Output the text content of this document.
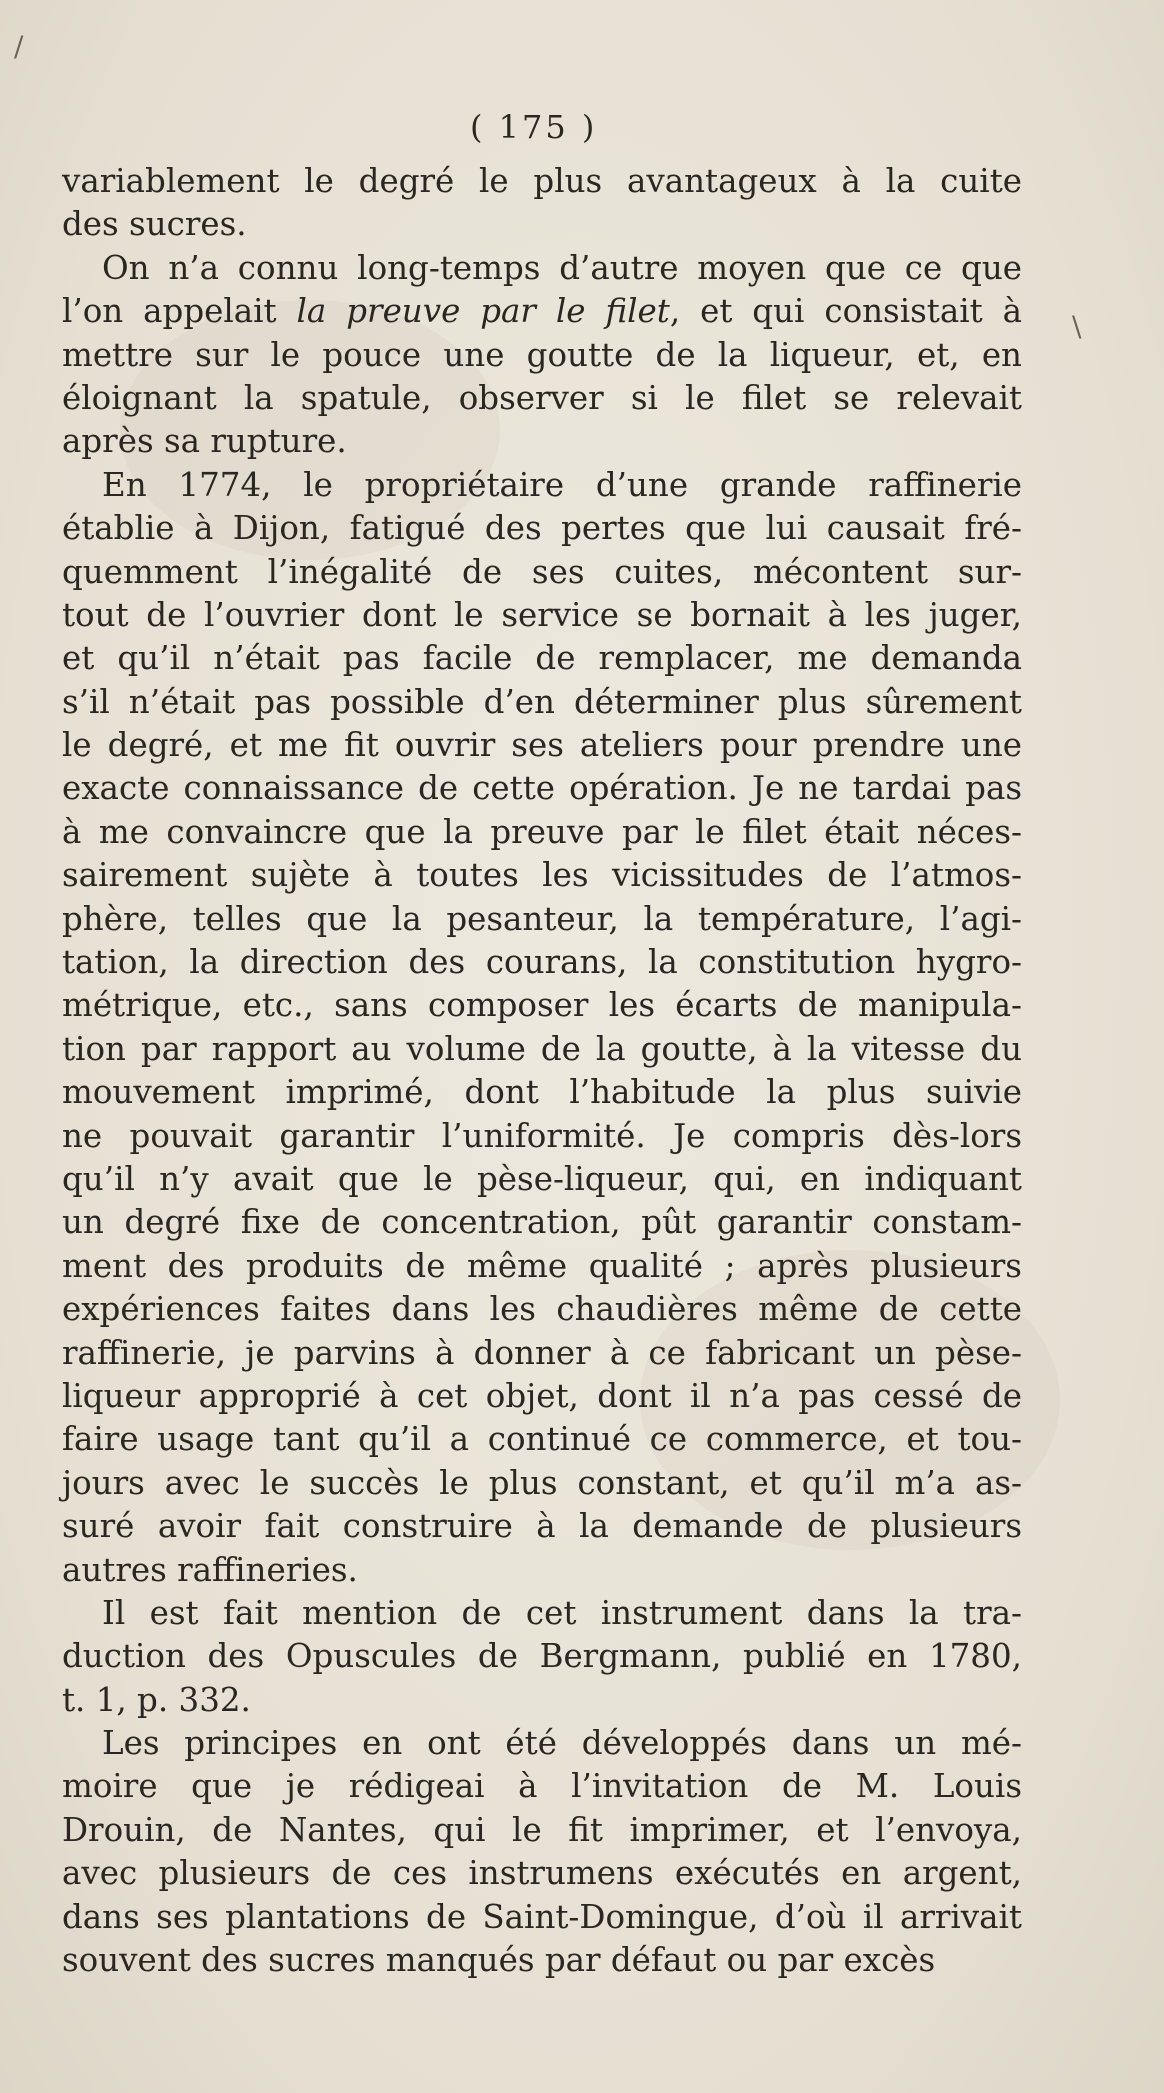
/
\
( 175 )
variablement le degré le plus avantageux à la cuite
des sucres.
On n’a connu long-temps d’autre moyen que ce que
l’on appelait la preuve par le filet, et qui consistait à
mettre sur le pouce une goutte de la liqueur, et, en
éloignant la spatule, observer si le filet se relevait
après sa rupture.
En 1774, le propriétaire d’une grande raffinerie
établie à Dijon, fatigué des pertes que lui causait fré-
quemment l’inégalité de ses cuites, mécontent sur-
tout de l’ouvrier dont le service se bornait à les juger,
et qu’il n’était pas facile de remplacer, me demanda
s’il n’était pas possible d’en déterminer plus sûrement
le degré, et me fit ouvrir ses ateliers pour prendre une
exacte connaissance de cette opération. Je ne tardai pas
à me convaincre que la preuve par le filet était néces-
sairement sujète à toutes les vicissitudes de l’atmos-
phère, telles que la pesanteur, la température, l’agi-
tation, la direction des courans, la constitution hygro-
métrique, etc., sans composer les écarts de manipula-
tion par rapport au volume de la goutte, à la vitesse du
mouvement imprimé, dont l’habitude la plus suivie
ne pouvait garantir l’uniformité. Je compris dès-lors
qu’il n’y avait que le pèse-liqueur, qui, en indiquant
un degré fixe de concentration, pût garantir constam-
ment des produits de même qualité ; après plusieurs
expériences faites dans les chaudières même de cette
raffinerie, je parvins à donner à ce fabricant un pèse-
liqueur approprié à cet objet, dont il n’a pas cessé de
faire usage tant qu’il a continué ce commerce, et tou-
jours avec le succès le plus constant, et qu’il m’a as-
suré avoir fait construire à la demande de plusieurs
autres raffineries.
Il est fait mention de cet instrument dans la tra-
duction des Opuscules de Bergmann, publié en 1780,
t. 1, p. 332.
Les principes en ont été développés dans un mé-
moire que je rédigeai à l’invitation de M. Louis
Drouin, de Nantes, qui le fit imprimer, et l’envoya,
avec plusieurs de ces instrumens exécutés en argent,
dans ses plantations de Saint-Domingue, d’où il arrivait
souvent des sucres manqués par défaut ou par excès
